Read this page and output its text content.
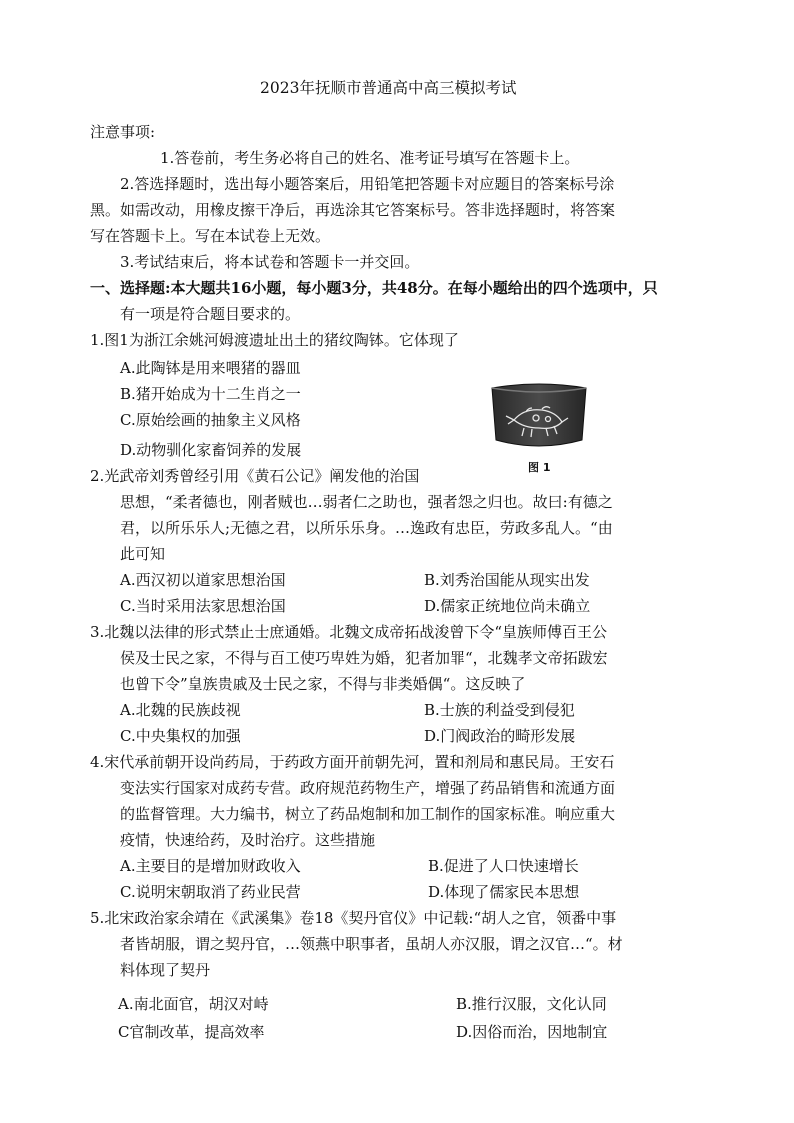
2023年抚顺市普通高中高三模拟考试
注意事项:
1.答卷前，考生务必将自己的姓名、准考证号填写在答题卡上。
2.答选择题时，选出每小题答案后，用铅笔把答题卡对应题目的答案标号涂
黑。如需改动，用橡皮擦干净后，再选涂其它答案标号。答非选择题时，将答案
写在答题卡上。写在本试卷上无效。
3.考试结束后，将本试卷和答题卡一并交回。
一、选择题:本大题共16小题，每小题3分，共48分。在每小题给出的四个选项中，只
有一项是符合题目要求的。
1.图1为浙江余姚河姆渡遗址出土的猪纹陶钵。它体现了
A.此陶钵是用来喂猪的器皿
B.猪开始成为十二生肖之一
C.原始绘画的抽象主义风格
D.动物驯化家畜饲养的发展
图 1
2.光武帝刘秀曾经引用《黄石公记》阐发他的治国
思想，“柔者德也，刚者贼也…弱者仁之助也，强者怨之归也。故曰:有德之
君，以所乐乐人;无德之君，以所乐乐身。…逸政有忠臣，劳政多乱人。“由
此可知
A.西汉初以道家思想治国	B.刘秀治国能从现实出发
C.当时采用法家思想治国	D.儒家正统地位尚未确立
3.北魏以法律的形式禁止士庶通婚。北魏文成帝拓战浚曾下令“皇族师傅百王公
侯及士民之家，不得与百工使巧卑姓为婚，犯者加罪“，北魏孝文帝拓跋宏
也曾下令”皇族贵戚及士民之家，不得与非类婚偶“。这反映了
A.北魏的民族歧视	B.士族的利益受到侵犯
C.中央集权的加强	D.门阀政治的畸形发展
4.宋代承前朝开设尚药局，于药政方面开前朝先河，置和剂局和惠民局。王安石
变法实行国家对成药专营。政府规范药物生产，增强了药品销售和流通方面
的监督管理。大力编书，树立了药品炮制和加工制作的国家标准。响应重大
疫情，快速给药，及时治疗。这些措施
A.主要目的是增加财政收入	B.促进了人口快速增长
C.说明宋朝取消了药业民营	D.体现了儒家民本思想
5.北宋政治家余靖在《武溪集》卷18《契丹官仪》中记载:“胡人之官，领番中事
者皆胡服，谓之契丹官，…领燕中职事者，虽胡人亦汉服，谓之汉官…“。材
料体现了契丹
A.南北面官，胡汉对峙	B.推行汉服，文化认同
C官制改革，提高效率	D.因俗而治，因地制宜
